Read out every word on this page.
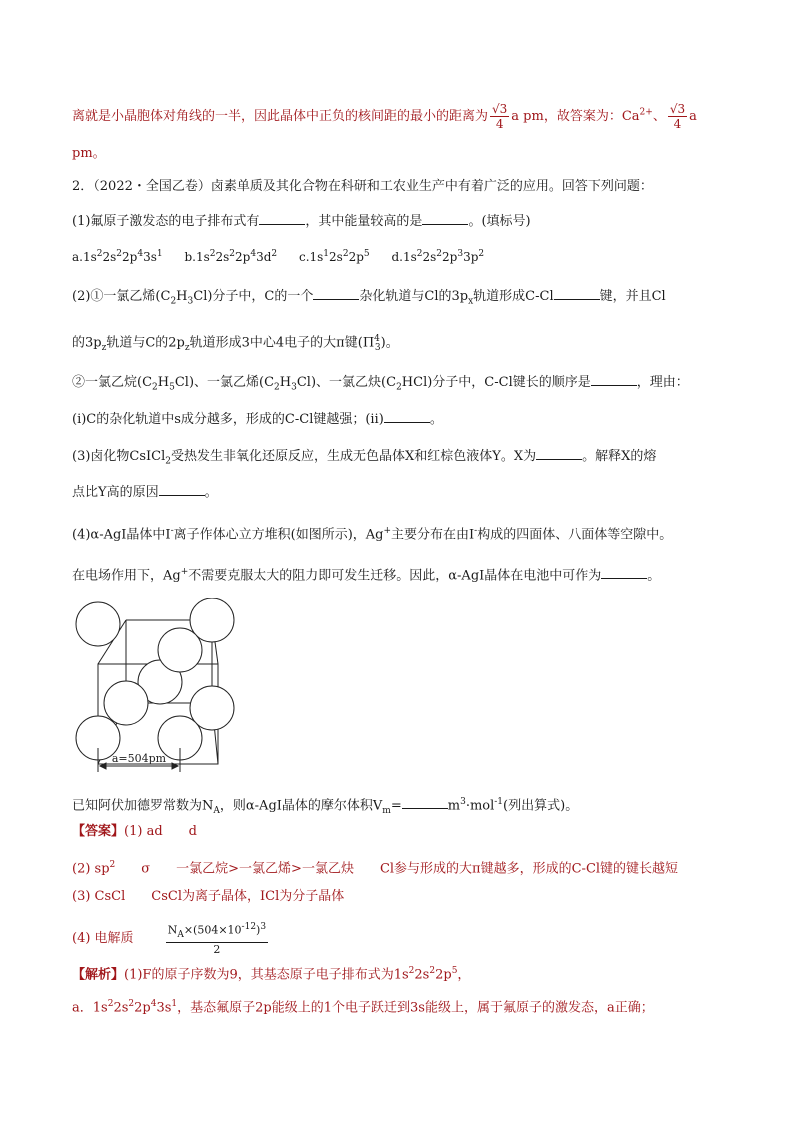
离就是小晶胞体对角线的一半，因此晶体中正负的核间距的最小的距离为 $\frac{√3}{4}$ a pm，故答案为：$Ca^{2+}$、 $\frac{√3}{4}$ a
pm。
2．（2022・全国乙卷）卤素单质及其化合物在科研和工农业生产中有着广泛的应用。回答下列问题：
(1)氟原子激发态的电子排布式有	，其中能量较高的是	。(填标号)
$a.1s^22s^22p^43s^1$ $b.1s^22s^22p^43d^2$ $c.1s^12s^22p^5$ $d.1s^22s^22p^33p^2$
(2)①一氯乙烯$(C_2H_3Cl)$分子中，C的一个	杂化轨道与Cl的$3p_x$轨道形成C-Cl	键，并且Cl
的$3p_z$轨道与C的$2p_z$轨道形成3中心4电子的大π键$(\Pi^4_3)$。
②一氯乙烷$(C_2H_5Cl)$、一氯乙烯$(C_2H_3Cl)$、一氯乙炔$(C_2HCl)$分子中，C-Cl键长的顺序是	，理由：
(ⅰ)C的杂化轨道中s成分越多，形成的C-Cl键越强；(ⅱ)	。
(3)卤化物CsICl$_2$受热发生非氧化还原反应，生成无色晶体X和红棕色液体Y。X为	。解释X的熔
点比Y高的原因	。
(4)α-AgI晶体中I-离子作体心立方堆积(如图所示)，Ag+主要分布在由I-构成的四面体、八面体等空隙中。
在电场作用下，Ag+不需要克服太大的阻力即可发生迁移。因此，α-AgI晶体在电池中可作为	。
a=504pm
已知阿伏加德罗常数为$N_A$，则α-AgI晶体的摩尔体积$V_m=$	$m^3\cdot mol^{-1}$(列出算式)。
【答案】(1) ad d
(2) $sp^2$ σ 一氯乙烷>一氯乙烯>一氯乙炔 Cl参与形成的大π键越多，形成的C-Cl键的键长越短
(3) CsCl CsCl为离子晶体，ICl为分子晶体
(4) 电解质	$\frac{N_A\times(504\times 10^{-12})^3}{2}$
【解析】(1)F的原子序数为9，其基态原子电子排布式为$1s^22s^22p^5$，
a．$1s^22s^22p^43s^1$，基态氟原子2p能级上的1个电子跃迁到3s能级上，属于氟原子的激发态，a正确；
